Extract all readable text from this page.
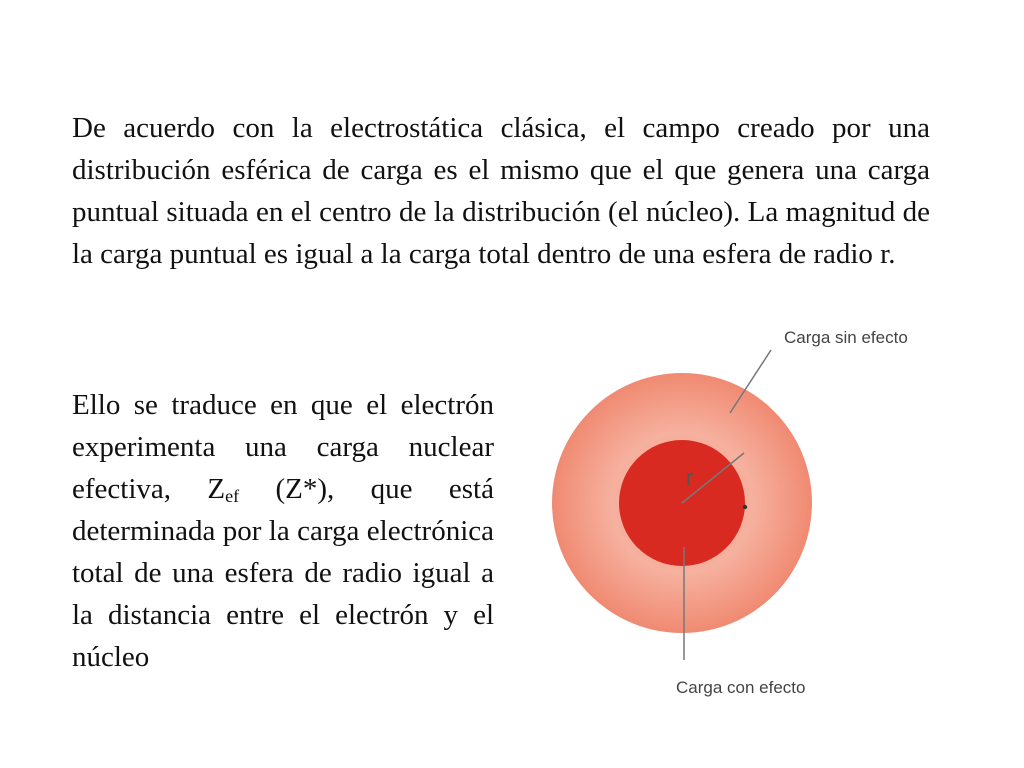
De acuerdo con la electrostática clásica, el campo creado por una distribución esférica de carga es el mismo que el que genera una carga puntual situada en el centro de la distribución (el núcleo). La magnitud de la carga puntual es igual a la carga total dentro de una esfera de radio r.

Ello se traduce en que el electrón experimenta una carga nuclear efectiva, $Z_{ef}$ (Z*), que está determinada por la carga electrónica total de una esfera de radio igual a la distancia entre el electrón y el núcleo

r
Carga sin efecto
Carga con efecto
